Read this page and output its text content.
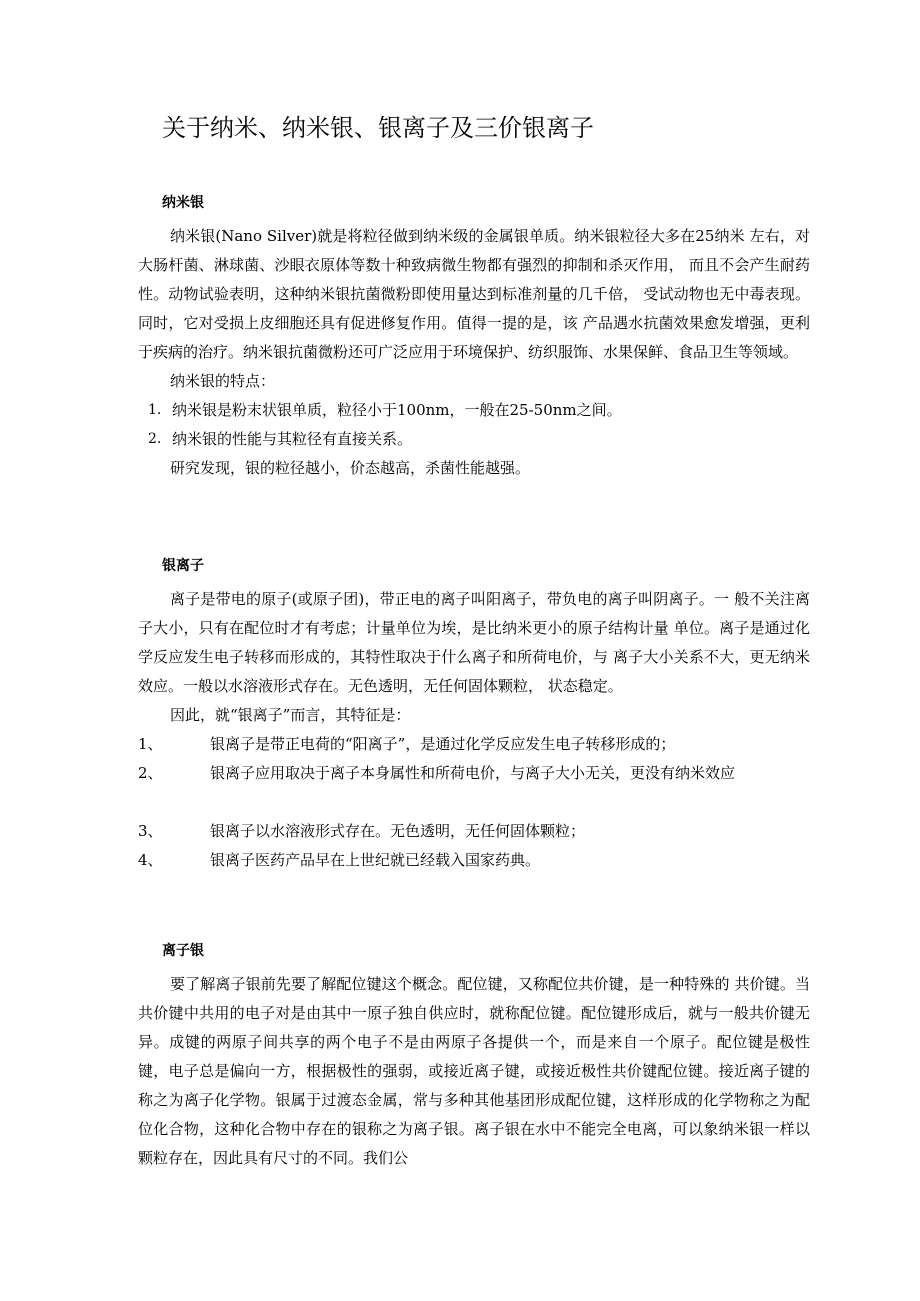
关于纳米、纳米银、银离子及三价银离子
纳米银

纳米银(Nano Silver)就是将粒径做到纳米级的金属银单质。纳米银粒径大多在25纳米 左右，对大肠杆菌、淋球菌、沙眼衣原体等数十种致病微生物都有强烈的抑制和杀灭作用， 而且不会产生耐药性。动物试验表明，这种纳米银抗菌微粉即使用量达到标准剂量的几千倍， 受试动物也无中毒表现。同时，它对受损上皮细胞还具有促进修复作用。值得一提的是，该 产品遇水抗菌效果愈发增强，更利于疾病的治疗。纳米银抗菌微粉还可广泛应用于环境保护、纺织服饰、水果保鲜、食品卫生等领域。

纳米银的特点：

1. 纳米银是粉末状银单质，粒径小于100nm，一般在25-50nm之间。
2. 纳米银的性能与其粒径有直接关系。

研究发现，银的粒径越小，价态越高，杀菌性能越强。

银离子

离子是带电的原子(或原子团)，带正电的离子叫阳离子，带负电的离子叫阴离子。一 般不关注离子大小，只有在配位时才有考虑；计量单位为埃，是比纳米更小的原子结构计量 单位。离子是通过化学反应发生电子转移而形成的，其特性取决于什么离子和所荷电价，与 离子大小关系不大，更无纳米效应。一般以水溶液形式存在。无色透明，无任何固体颗粒， 状态稳定。

因此，就“银离子”而言，其特征是：

1、	银离子是带正电荷的“阳离子”，是通过化学反应发生电子转移形成的；
2、	银离子应用取决于离子本身属性和所荷电价，与离子大小无关，更没有纳米效应
3、	银离子以水溶液形式存在。无色透明，无任何固体颗粒；
4、	银离子医药产品早在上世纪就已经载入国家药典。
离子银

要了解离子银前先要了解配位键这个概念。配位键，又称配位共价键，是一种特殊的 共价键。当共价键中共用的电子对是由其中一原子独自供应时，就称配位键。配位键形成后，就与一般共价键无异。成键的两原子间共享的两个电子不是由两原子各提供一个，而是来自一个原子。配位键是极性键，电子总是偏向一方，根据极性的强弱，或接近离子键，或接近极性共价键配位键。接近离子键的称之为离子化学物。银属于过渡态金属，常与多种其他基团形成配位键，这样形成的化学物称之为配位化合物，这种化合物中存在的银称之为离子银。离子银在水中不能完全电离，可以象纳米银一样以颗粒存在，因此具有尺寸的不同。我们公
